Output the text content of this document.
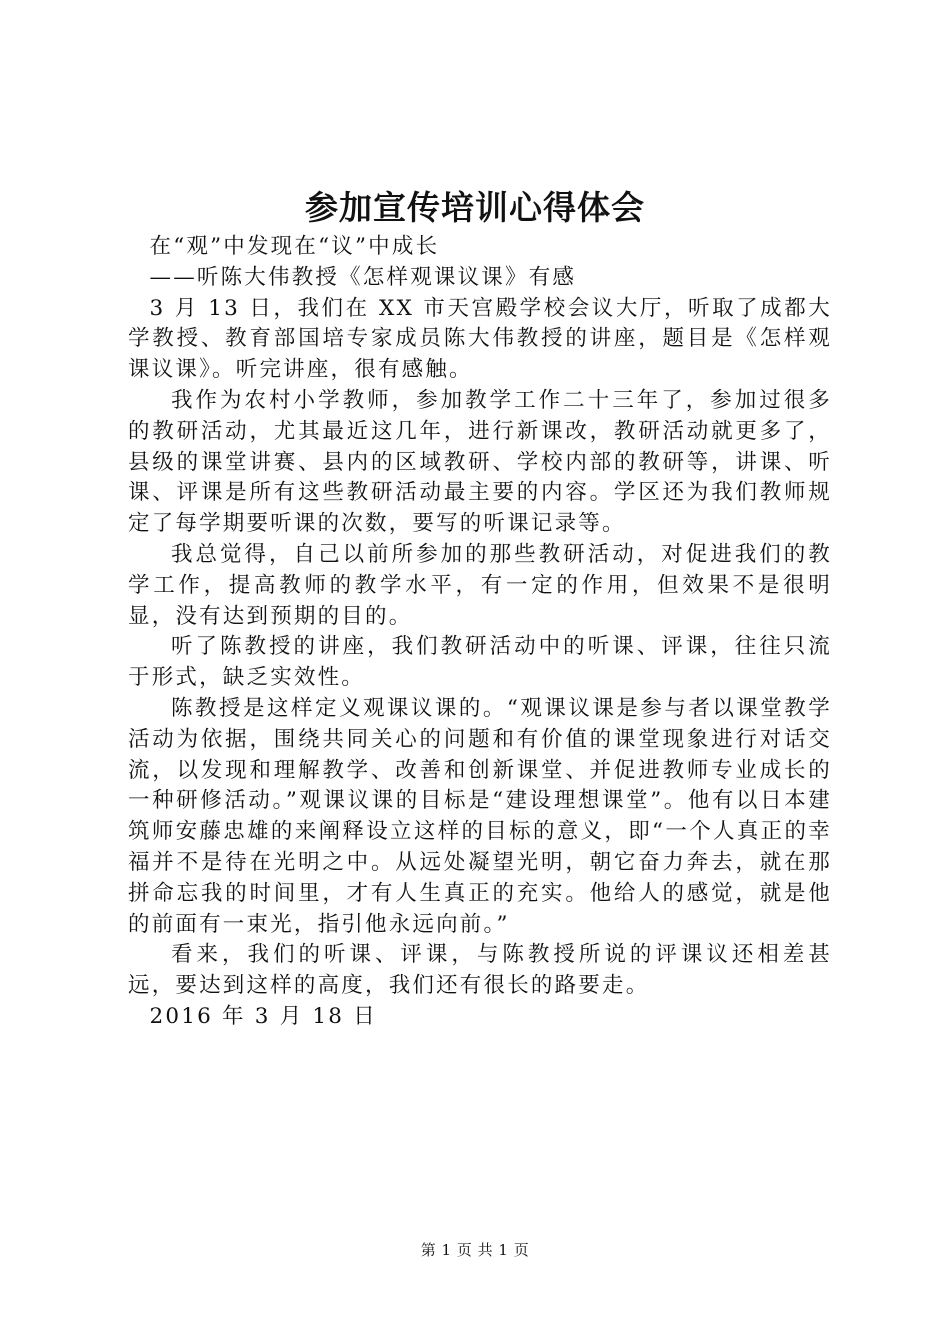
参加宣传培训心得体会

在“观”中发现在“议”中成长

——听陈大伟教授《怎样观课议课》有感

3 月 13 日，我们在 XX 市天宫殿学校会议大厅，听取了成都大学教授、教育部国培专家成员陈大伟教授的讲座，题目是《怎样观课议课》。听完讲座，很有感触。

我作为农村小学教师，参加教学工作二十三年了，参加过很多的教研活动，尤其最近这几年，进行新课改，教研活动就更多了，县级的课堂讲赛、县内的区域教研、学校内部的教研等，讲课、听课、评课是所有这些教研活动最主要的内容。学区还为我们教师规定了每学期要听课的次数，要写的听课记录等。

我总觉得，自己以前所参加的那些教研活动，对促进我们的教学工作，提高教师的教学水平，有一定的作用，但效果不是很明显，没有达到预期的目的。

听了陈教授的讲座，我们教研活动中的听课、评课，往往只流于形式，缺乏实效性。

陈教授是这样定义观课议课的。“观课议课是参与者以课堂教学活动为依据，围绕共同关心的问题和有价值的课堂现象进行对话交流，以发现和理解教学、改善和创新课堂、并促进教师专业成长的一种研修活动。”观课议课的目标是“建设理想课堂”。他有以日本建筑师安藤忠雄的来阐释设立这样的目标的意义，即“一个人真正的幸福并不是待在光明之中。从远处凝望光明，朝它奋力奔去，就在那拼命忘我的时间里，才有人生真正的充实。他给人的感觉，就是他的前面有一束光，指引他永远向前。”

看来，我们的听课、评课，与陈教授所说的评课议还相差甚远，要达到这样的高度，我们还有很长的路要走。

2016 年 3 月 18 日

第 1 页 共 1 页
